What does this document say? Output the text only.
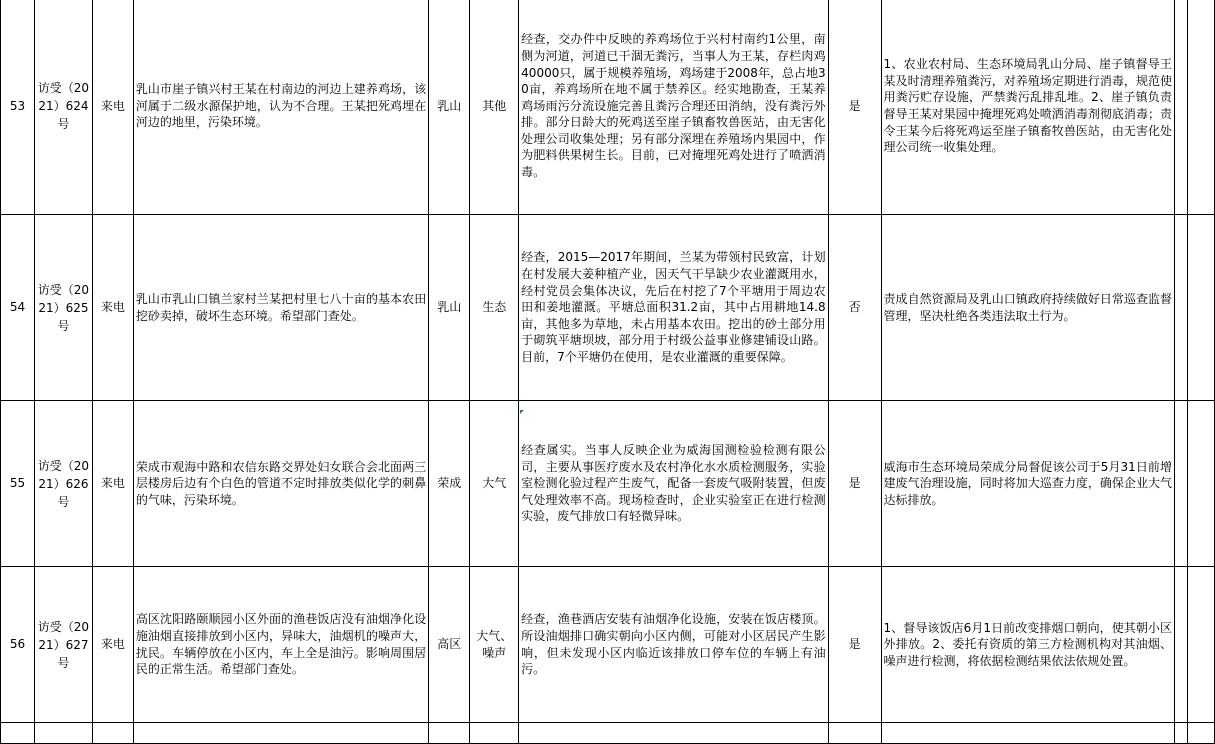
53	访受（2021）624号	来电	乳山市崖子镇兴村王某在村南边的河边上建养鸡场，该河属于二级水源保护地，认为不合理。王某把死鸡埋在河边的地里，污染环境。	乳山	其他	经查，交办件中反映的养鸡场位于兴村村南约1公里，南侧为河道，河道已干涸无粪污，当事人为王某，存栏肉鸡40000只，属于规模养殖场，鸡场建于2008年，总占地30亩，养鸡场所在地不属于禁养区。经实地勘查，王某养鸡场雨污分流设施完善且粪污合理还田消纳，没有粪污外排。部分日龄大的死鸡送至崖子镇畜牧兽医站，由无害化处理公司收集处理；另有部分深埋在养殖场内果园中，作为肥料供果树生长。目前，已对掩埋死鸡处进行了喷洒消毒。	是	1、农业农村局、生态环境局乳山分局、崖子镇督导王某及时清理养殖粪污，对养殖场定期进行消毒，规范使用粪污贮存设施，严禁粪污乱排乱堆。2、崖子镇负责督导王某对果园中掩埋死鸡处喷洒消毒剂彻底消毒；责令王某今后将死鸡运至崖子镇畜牧兽医站，由无害化处理公司统一收集处理。		
54	访受（2021）625号	来电	乳山市乳山口镇兰家村兰某把村里七八十亩的基本农田挖砂卖掉，破坏生态环境。希望部门查处。	乳山	生态	经查，2015—2017年期间，兰某为带领村民致富，计划在村发展大姜种植产业，因天气干旱缺少农业灌溉用水，经村党员会集体决议，先后在村挖了7个平塘用于周边农田和姜地灌溉。平塘总面积31.2亩，其中占用耕地14.8亩，其他多为草地，未占用基本农田。挖出的砂土部分用于砌筑平塘坝坡，部分用于村级公益事业修建铺设山路。目前，7个平塘仍在使用，是农业灌溉的重要保障。	否	责成自然资源局及乳山口镇政府持续做好日常巡查监督管理，坚决杜绝各类违法取土行为。		
55	访受（2021）626号	来电	荣成市观海中路和农信东路交界处妇女联合会北面两三层楼房后边有个白色的管道不定时排放类似化学的刺鼻的气味，污染环境。	荣成	大气	经查属实。当事人反映企业为威海国测检验检测有限公司，主要从事医疗废水及农村净化水水质检测服务，实验室检测化验过程产生废气，配备一套废气吸附装置，但废气处理效率不高。现场检查时，企业实验室正在进行检测实验，废气排放口有轻微异味。	是	威海市生态环境局荣成分局督促该公司于5月31日前增建废气治理设施，同时将加大巡查力度，确保企业大气达标排放。		
56	访受（2021）627号	来电	高区沈阳路颐顺园小区外面的渔巷饭店没有油烟净化设施油烟直接排放到小区内，异味大，油烟机的噪声大，扰民。车辆停放在小区内，车上全是油污。影响周围居民的正常生活。希望部门查处。	高区	大气、噪声	经查，渔巷酒店安装有油烟净化设施，安装在饭店楼顶。所设油烟排口确实朝向小区内侧，可能对小区居民产生影响，但未发现小区内临近该排放口停车位的车辆上有油污。	是	1、督导该饭店6月1日前改变排烟口朝向，使其朝小区外排放。2、委托有资质的第三方检测机构对其油烟、噪声进行检测，将依据检测结果依法依规处置。		
